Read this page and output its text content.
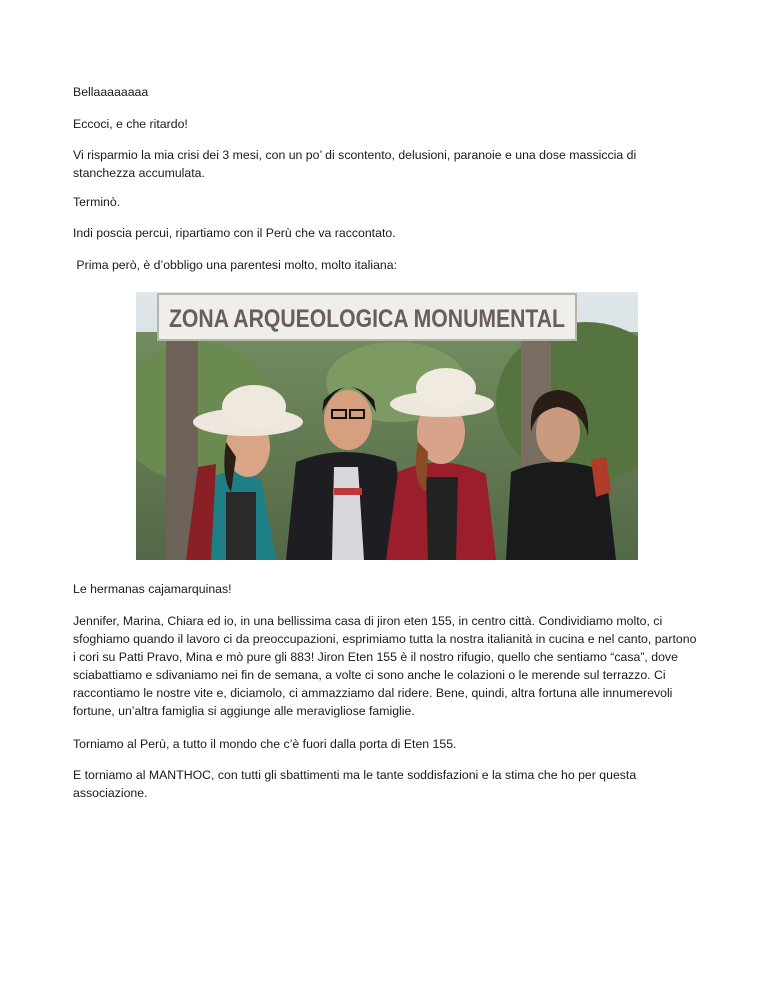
Bellaaaaaaaa

Eccoci, e che ritardo!

Vi risparmio la mia crisi dei 3 mesi, con un po’ di scontento, delusioni, paranoie e una dose massiccia di stanchezza accumulata.

Terminò.

Indi poscia percui, ripartiamo con il Perù che va raccontato.

Prima però, è d’obbligo una parentesi molto, molto italiana:

ZONA ARQUEOLOGICA MONUMENTAL

Le hermanas cajamarquinas!

Jennifer, Marina, Chiara ed io, in una bellissima casa di jiron eten 155, in centro città. Condividiamo molto, ci sfoghiamo quando il lavoro ci da preoccupazioni, esprimiamo tutta la nostra italianità in cucina e nel canto, partono i cori su Patti Pravo, Mina e mò pure gli 883! Jiron Eten 155 è il nostro rifugio, quello che sentiamo “casa”, dove sciabattiamo e sdivaniamo nei fin de semana, a volte ci sono anche le colazioni o le merende sul terrazzo. Ci raccontiamo le nostre vite e, diciamolo, ci ammazziamo dal ridere. Bene, quindi, altra fortuna alle innumerevoli fortune, un’altra famiglia si aggiunge alle meravigliose famiglie.

Torniamo al Perù, a tutto il mondo che c’è fuori dalla porta di Eten 155.

E torniamo al MANTHOC, con tutti gli sbattimenti ma le tante soddisfazioni e la stima che ho per questa associazione.
